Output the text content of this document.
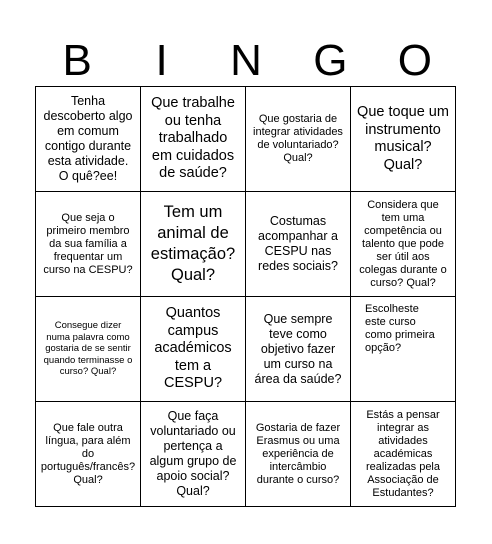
B	I	N	G	O
Tenha descoberto algo em comum contigo durante esta atividade. O quê?ee!
Que trabalhe ou tenha trabalhado em cuidados de saúde?
Que gostaria de integrar atividades de voluntariado? Qual?
Que toque um instrumento musical? Qual?
Que seja o primeiro membro da sua família a frequentar um curso na CESPU?
Tem um animal de estimação? Qual?
Costumas acompanhar a CESPU nas redes sociais?
Considera que tem uma competência ou talento que pode ser útil aos colegas durante o curso? Qual?
Consegue dizer numa palavra como gostaria de se sentir quando terminasse o curso? Qual?
Quantos campus académicos tem a CESPU?
Que sempre teve como objetivo fazer um curso na área da saúde?
Escolheste este curso como primeira opção?
Que fale outra língua, para além do português/francês? Qual?
Que faça voluntariado ou pertença a algum grupo de apoio social? Qual?
Gostaria de fazer Erasmus ou uma experiência de intercâmbio durante o curso?
Estás a pensar integrar as atividades académicas realizadas pela Associação de Estudantes?
